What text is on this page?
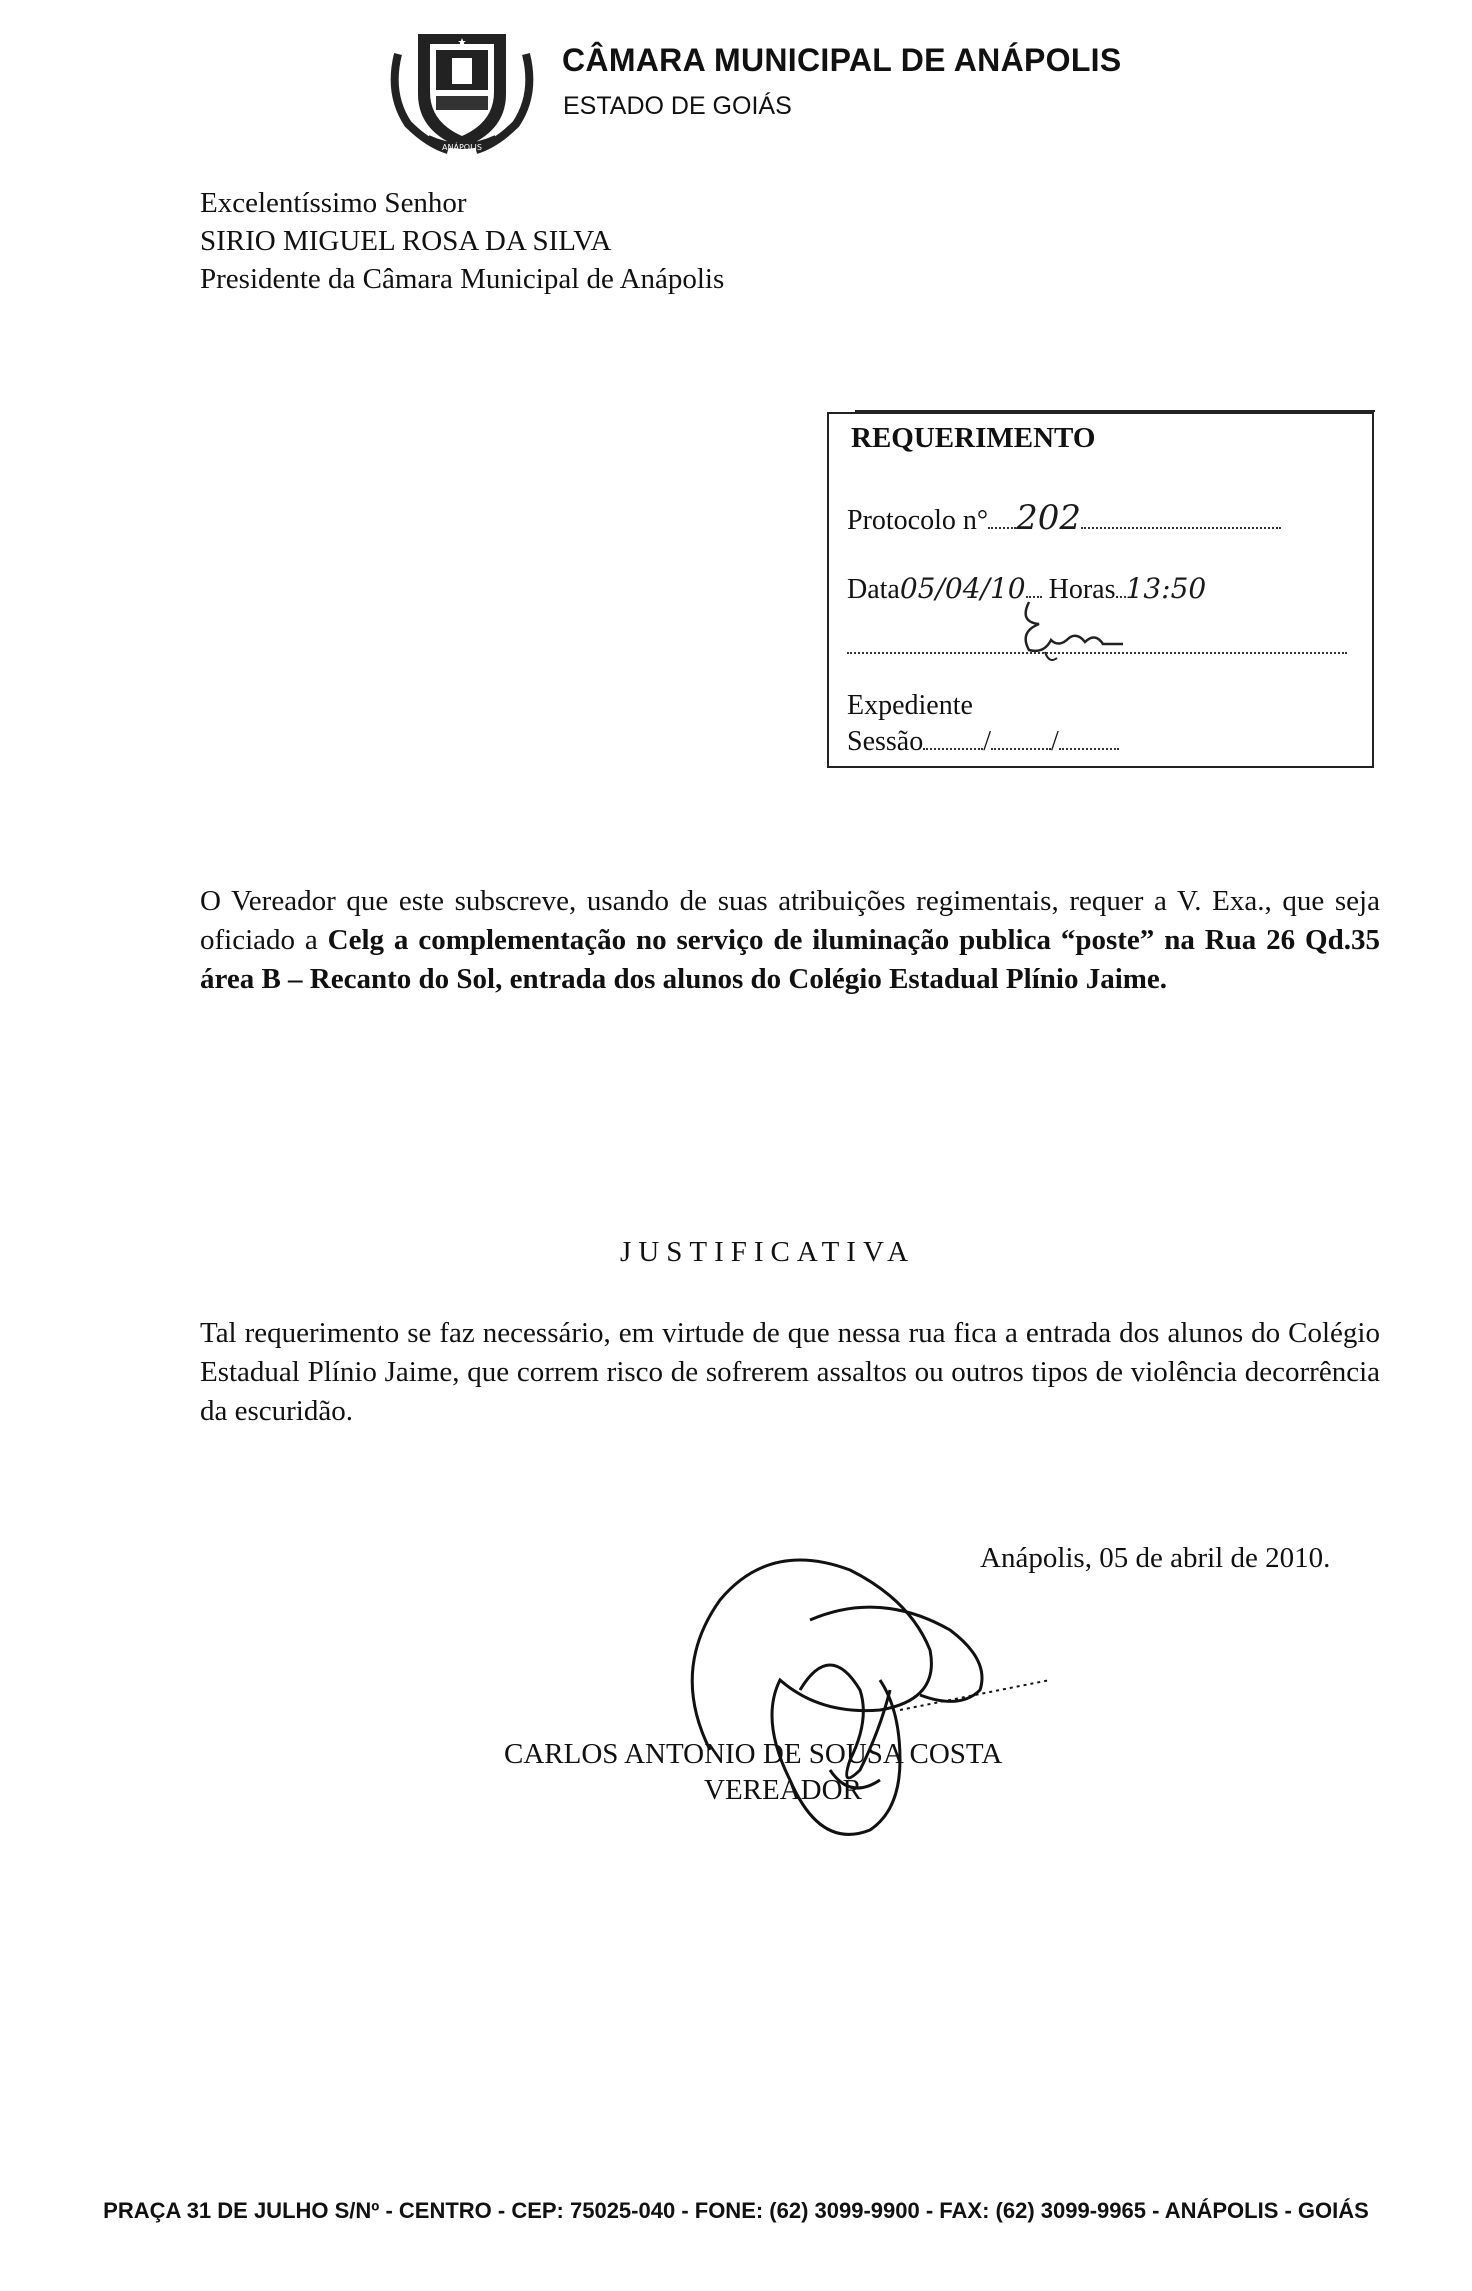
ANÁPOLIS
CÂMARA MUNICIPAL DE ANÁPOLIS
ESTADO DE GOIÁS
Excelentíssimo Senhor
SIRIO MIGUEL ROSA DA SILVA
Presidente da Câmara Municipal de Anápolis
REQUERIMENTO
Protocolo n° 202
Data05/04/10 Horas 13:50
Expediente
Sessão / /
O Vereador que este subscreve, usando de suas atribuições regimentais, requer a V. Exa., que seja oficiado a Celg a complementação no serviço de iluminação publica “poste” na Rua 26 Qd.35 área B – Recanto do Sol, entrada dos alunos do Colégio Estadual Plínio Jaime.
JUSTIFICATIVA
Tal requerimento se faz necessário, em virtude de que nessa rua fica a entrada dos alunos do Colégio Estadual Plínio Jaime, que correm risco de sofrerem assaltos ou outros tipos de violência decorrência da escuridão.
Anápolis, 05 de abril de 2010.
CARLOS ANTONIO DE SOUSA COSTA
VEREADOR
PRAÇA 31 DE JULHO S/Nº - CENTRO - CEP: 75025-040 - FONE: (62) 3099-9900 - FAX: (62) 3099-9965 - ANÁPOLIS - GOIÁS
